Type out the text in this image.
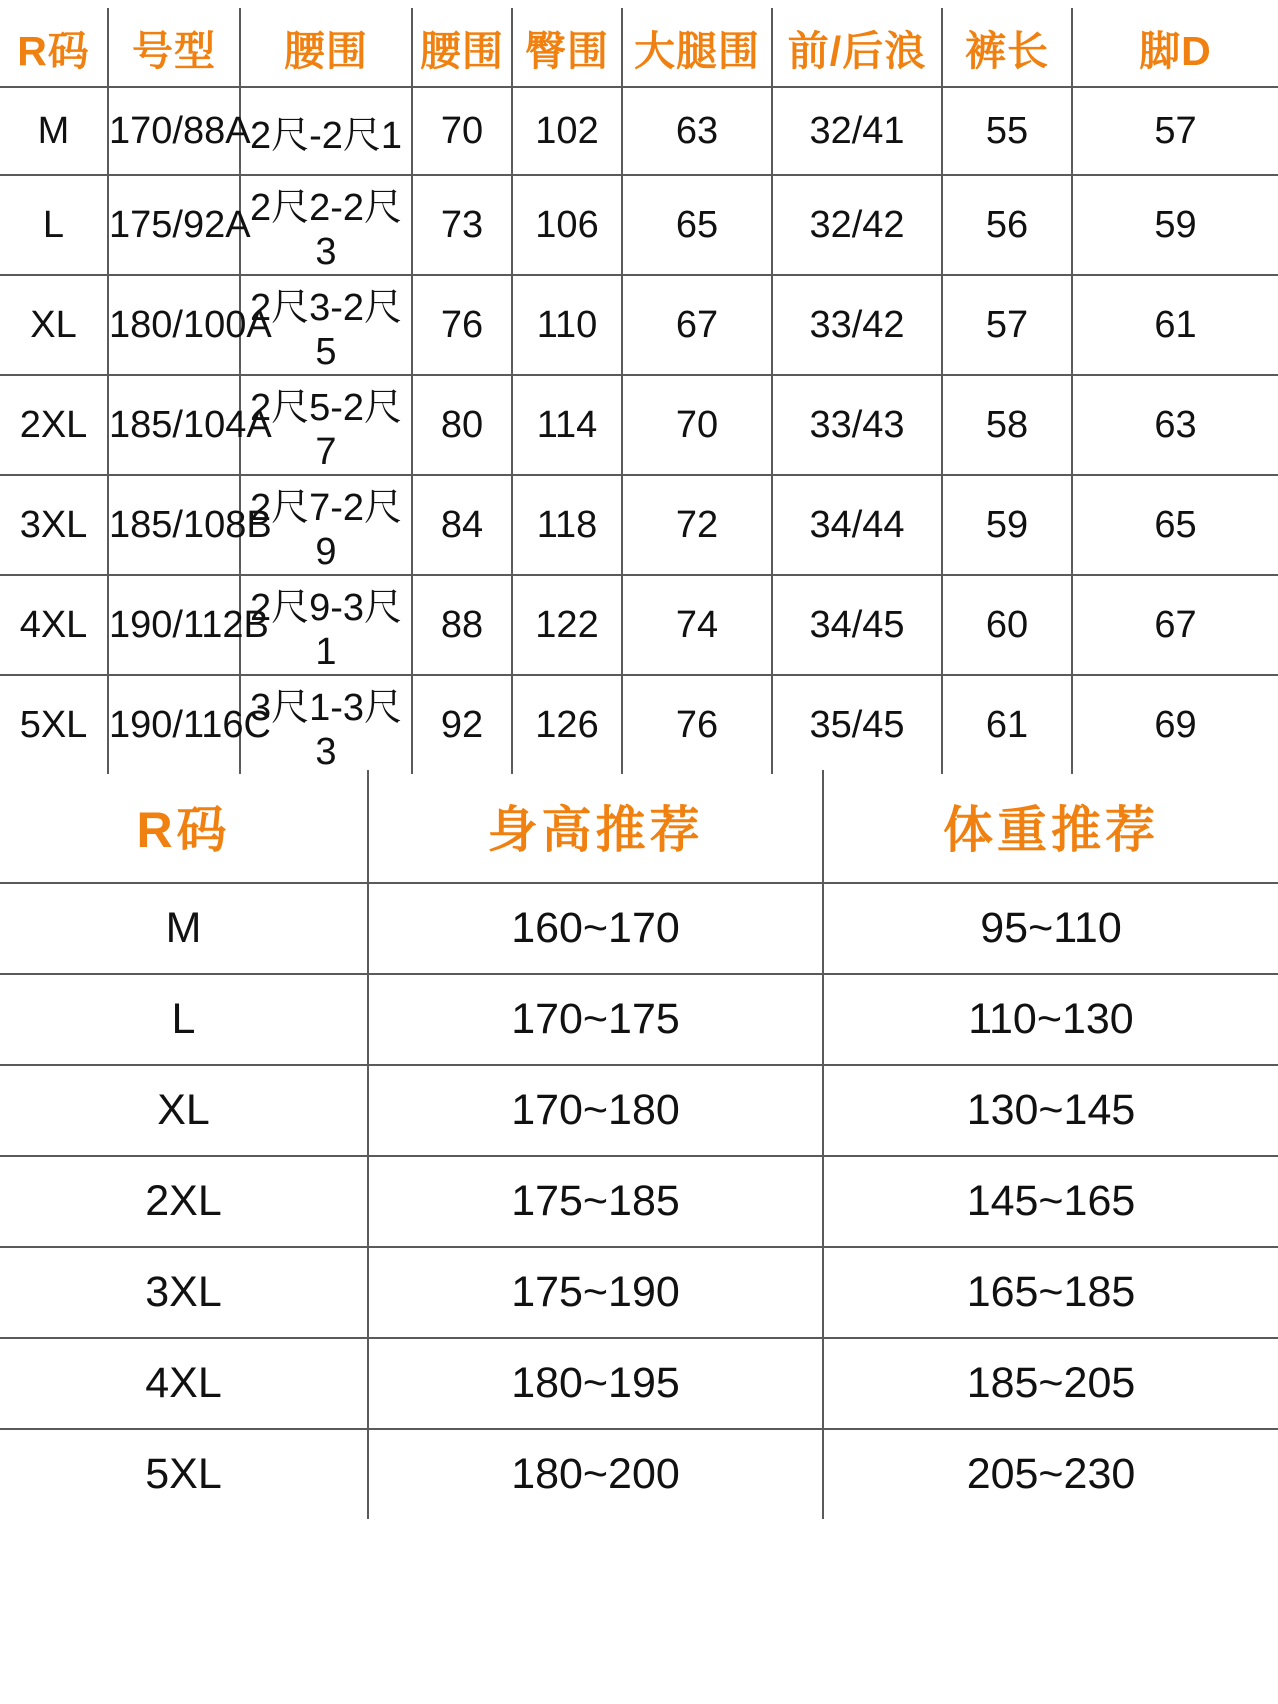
R码	号型	腰围	腰围	臀围	大腿围	前/后浪	裤长	脚D
M	170/88A	2尺-2尺1	70	102	63	32/41	55	57
L	175/92A	2尺2-2尺3	73	106	65	32/42	56	59
XL	180/100A	2尺3-2尺5	76	110	67	33/42	57	61
2XL	185/104A	2尺5-2尺7	80	114	70	33/43	58	63
3XL	185/108B	2尺7-2尺9	84	118	72	34/44	59	65
4XL	190/112B	2尺9-3尺1	88	122	74	34/45	60	67
5XL	190/116C	3尺1-3尺3	92	126	76	35/45	61	69
R码	身高推荐	体重推荐
M	160~170	95~110
L	170~175	110~130
XL	170~180	130~145
2XL	175~185	145~165
3XL	175~190	165~185
4XL	180~195	185~205
5XL	180~200	205~230
